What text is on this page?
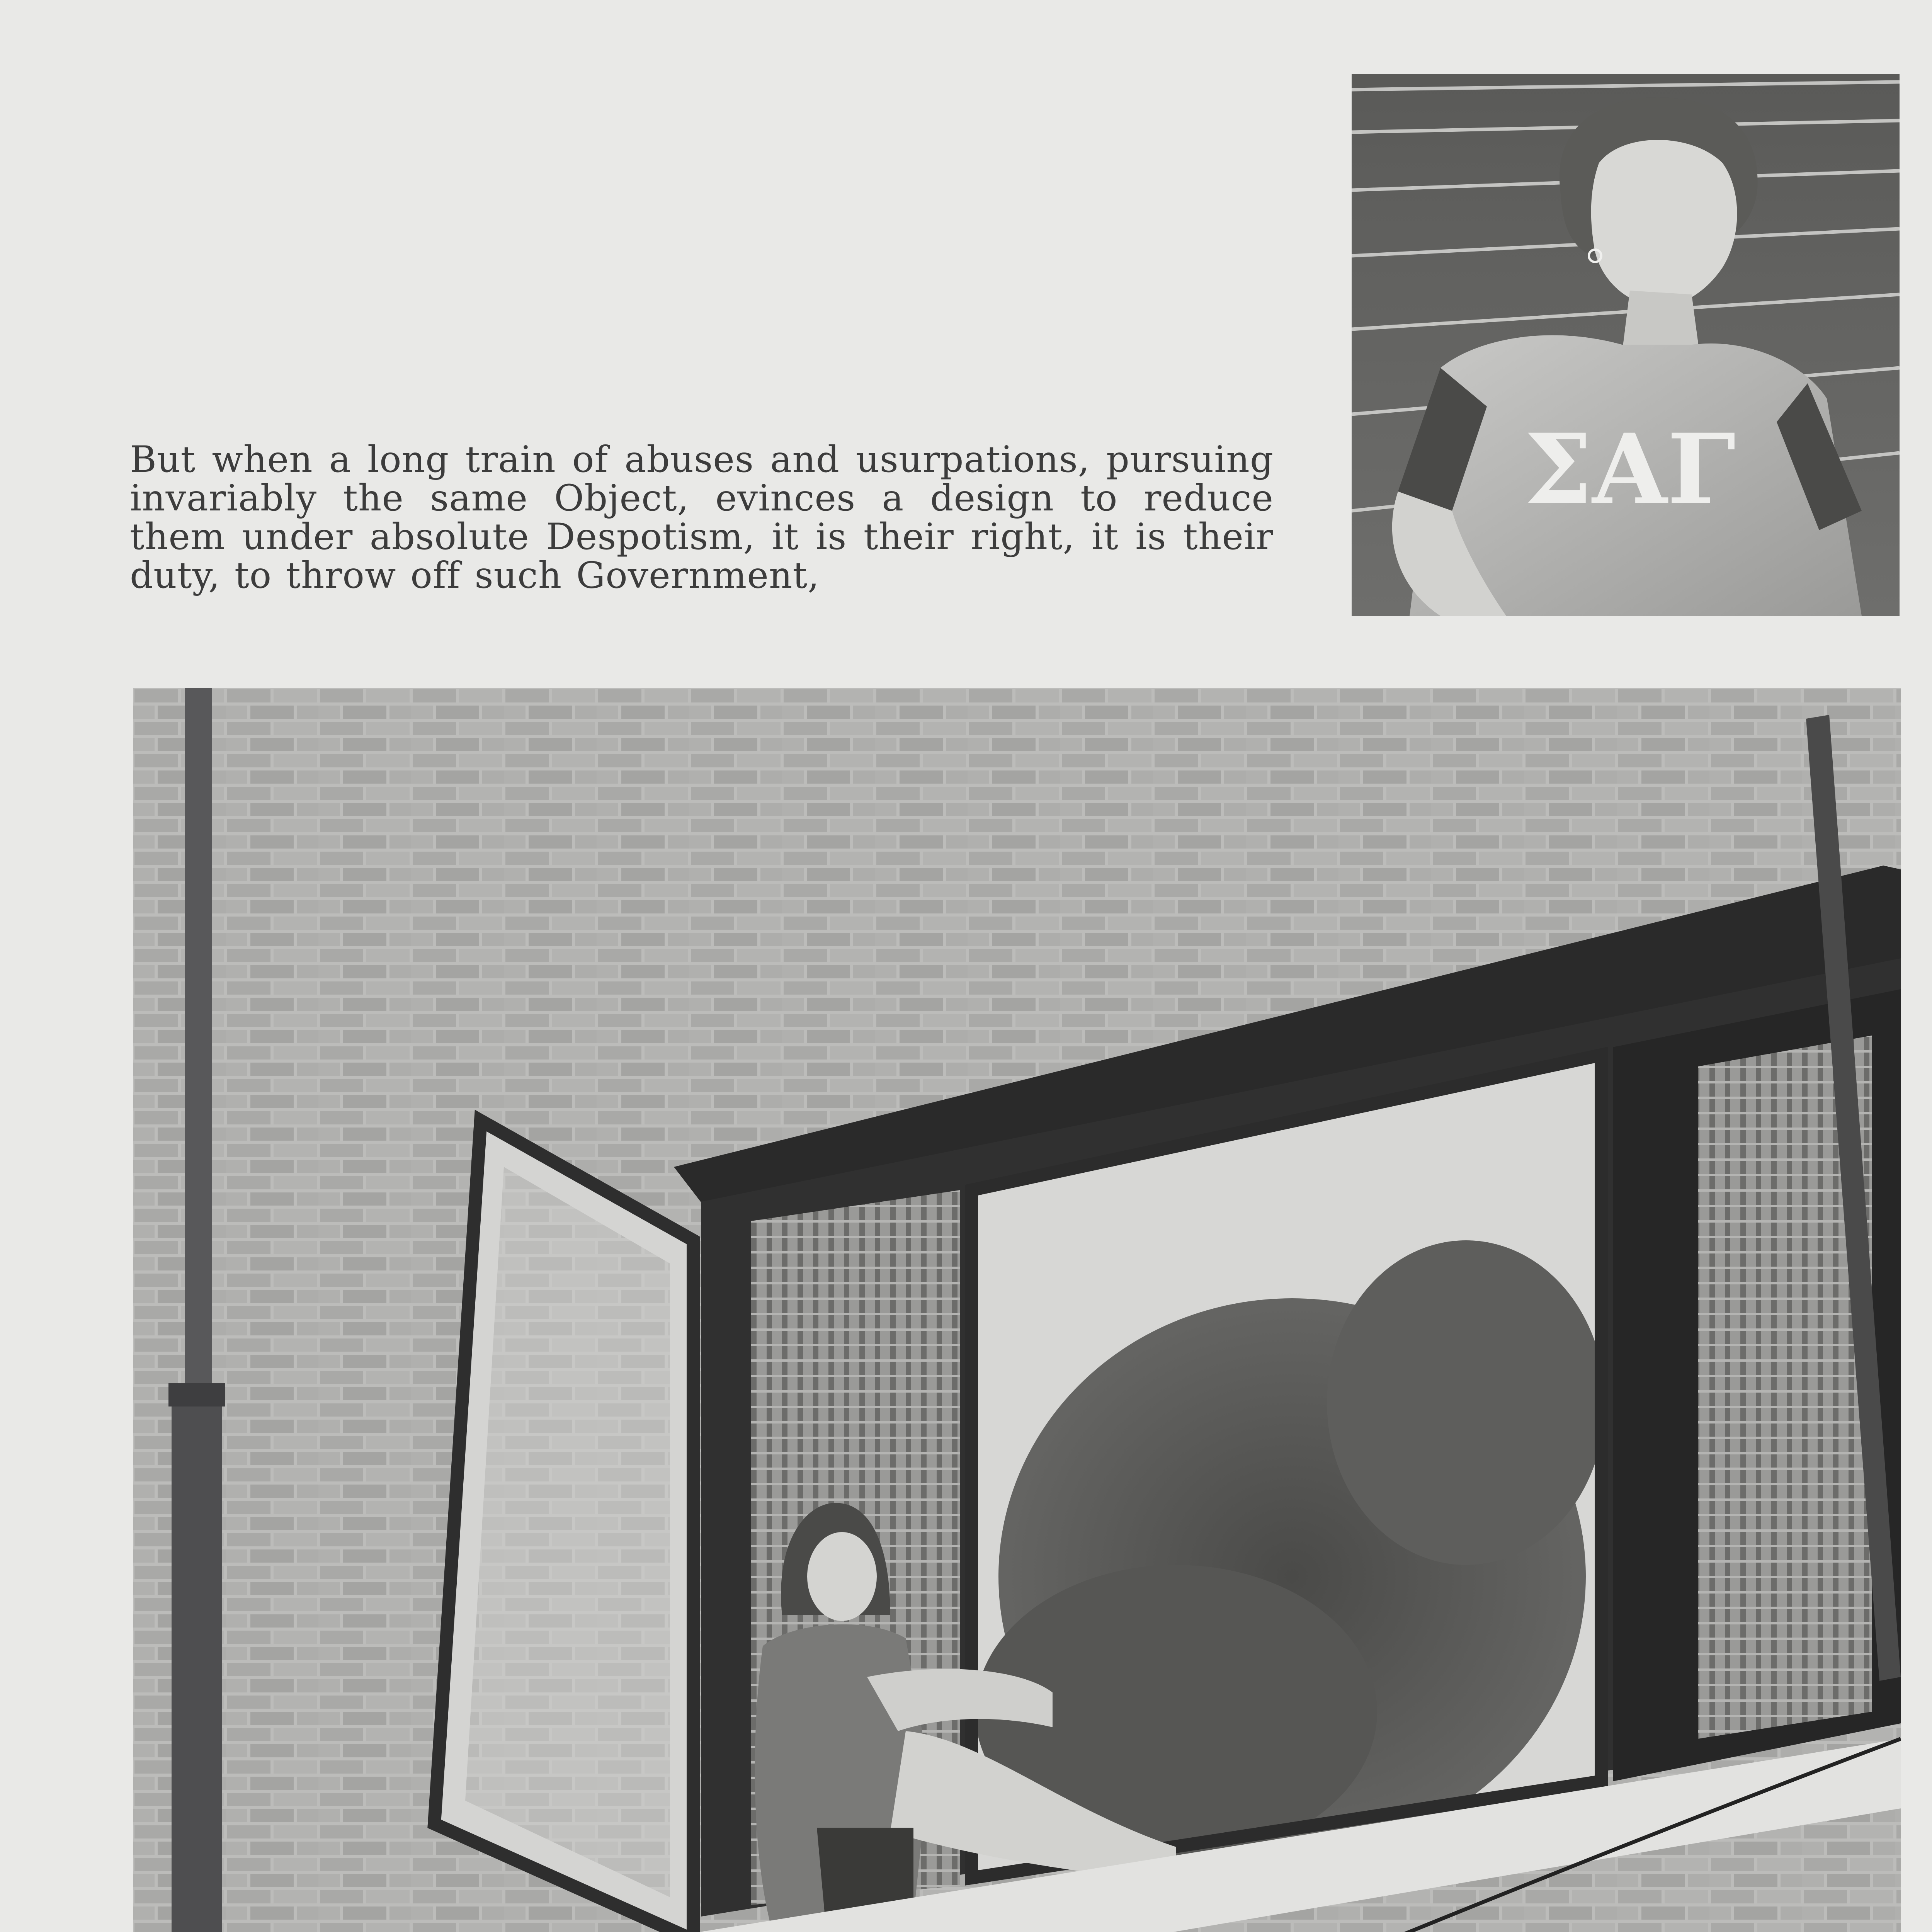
But when a long train of abuses and usurpations, pursuing invariably the same Object, evinces a design to reduce them under absolute Despotism, it is their right, it is their duty, to throw off such Government,

ΣAΓ
